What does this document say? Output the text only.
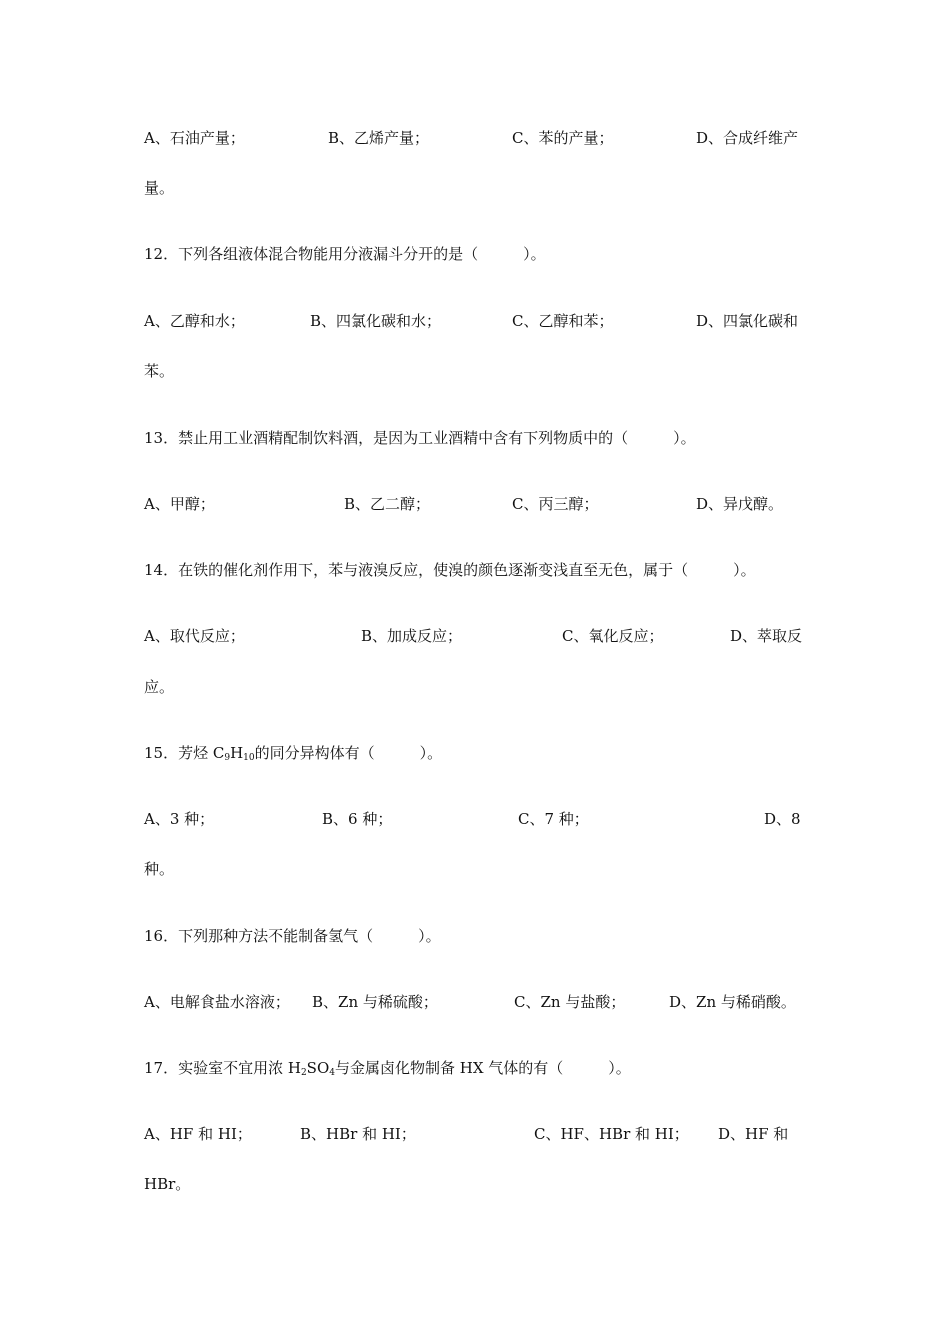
A、石油产量；	B、乙烯产量；	C、苯的产量；	D、合成纤维产
量。
12．下列各组液体混合物能用分液漏斗分开的是（　　　）。
A、乙醇和水；	B、四氯化碳和水；	C、乙醇和苯；	D、四氯化碳和
苯。
13．禁止用工业酒精配制饮料酒，是因为工业酒精中含有下列物质中的（　　　）。
A、甲醇；	B、乙二醇；	C、丙三醇；	D、异戊醇。
14．在铁的催化剂作用下，苯与液溴反应，使溴的颜色逐渐变浅直至无色，属于（　　　）。
A、取代反应；	B、加成反应；	C、氧化反应；	D、萃取反
应。
15．芳烃 $C_9H_{10}$的同分异构体有（　　　）。
A、3 种；	B、6 种；	C、7 种；	D、8
种。
16．下列那种方法不能制备氢气（　　　）。
A、电解食盐水溶液； B、Zn 与稀硫酸；	C、Zn 与盐酸；	D、Zn 与稀硝酸。
17．实验室不宜用浓 $H_2SO_4$与金属卤化物制备 HX 气体的有（　　　）。
A、HF 和 HI；	B、HBr 和 HI；	C、HF、HBr 和 HI； D、HF 和
HBr。
